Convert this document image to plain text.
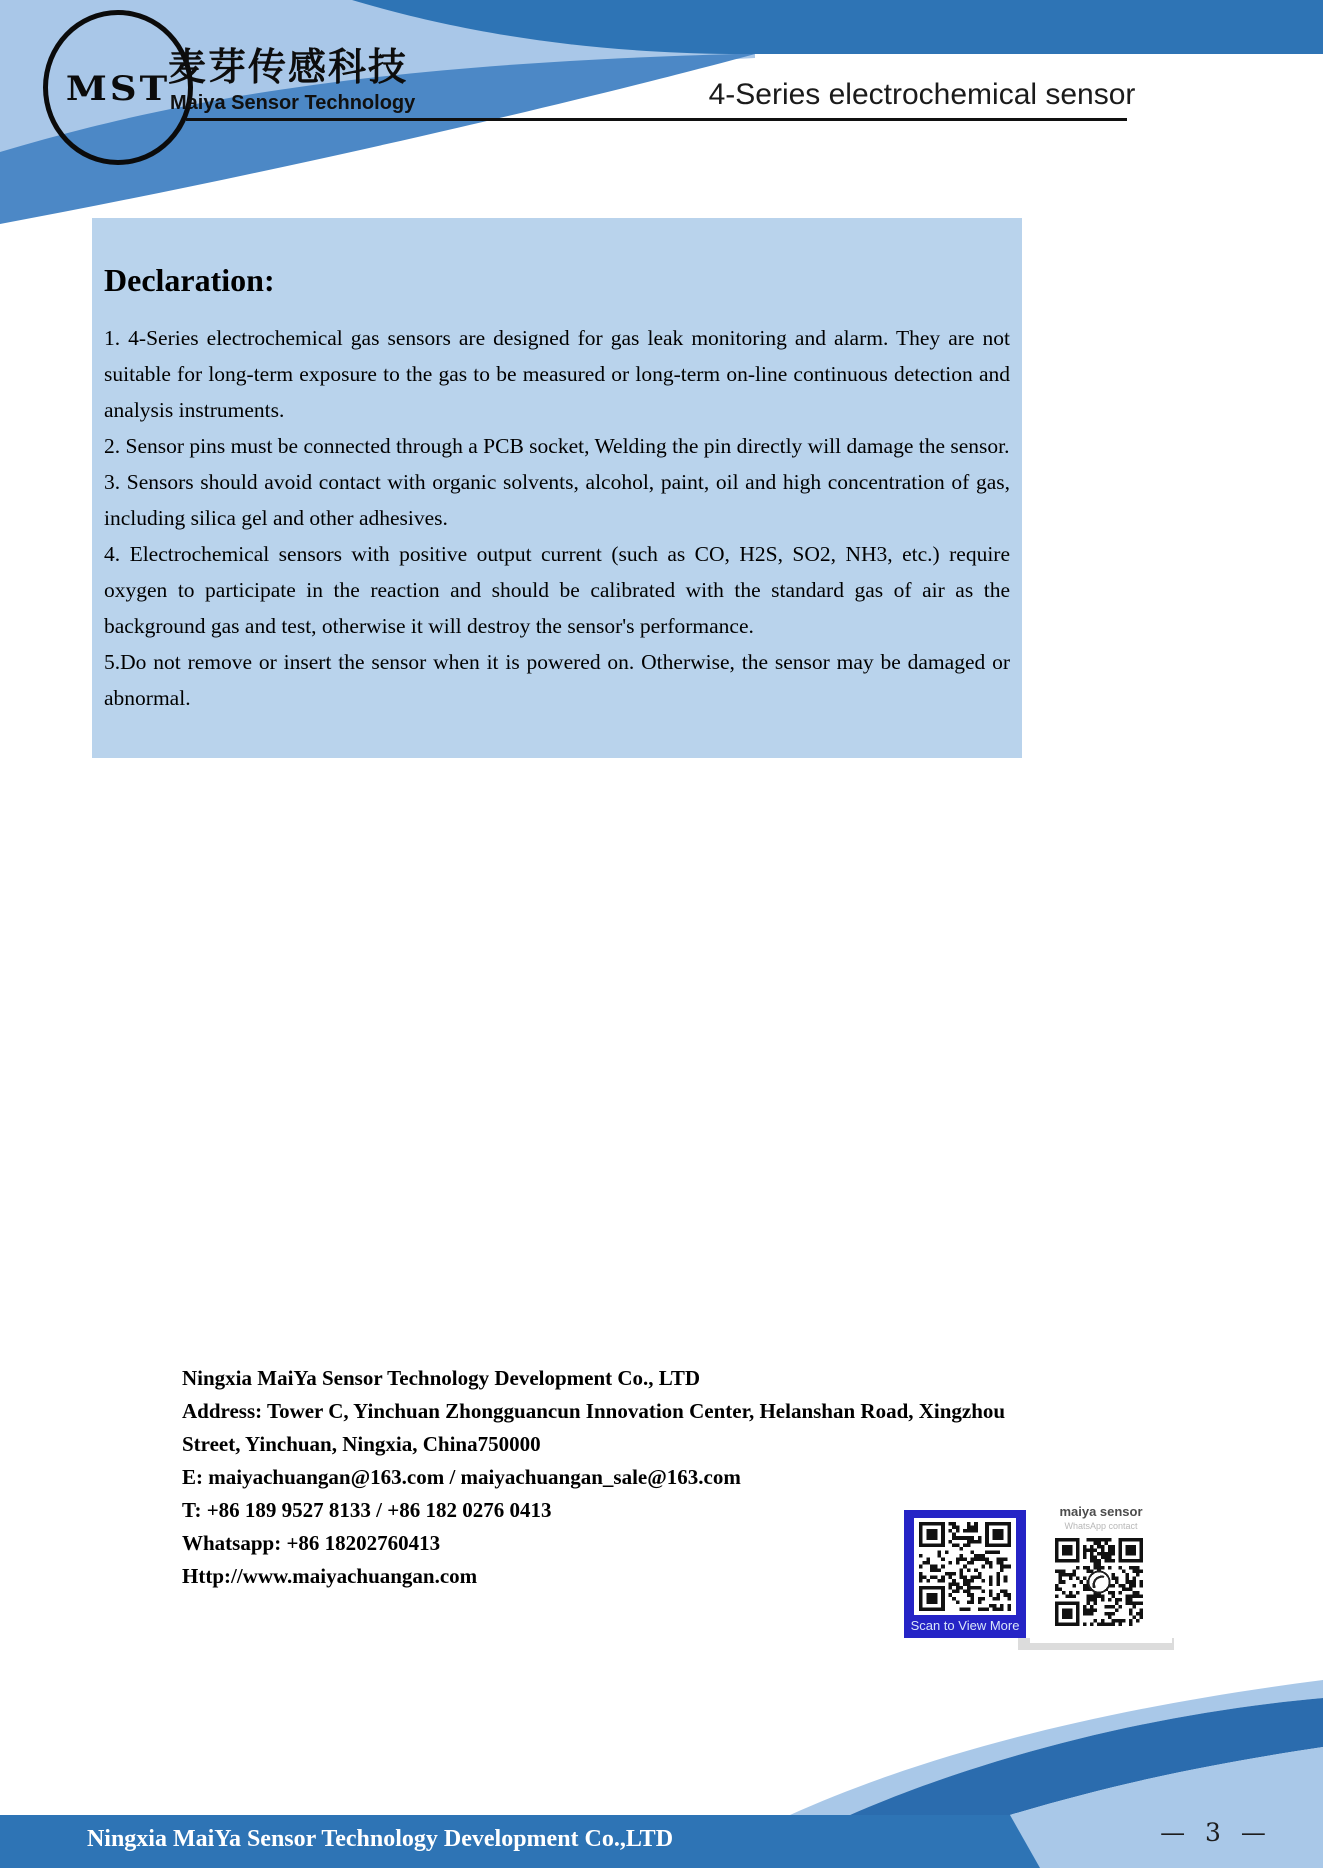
MST
麦芽传感科技
Maiya Sensor Technology	4-Series electrochemical sensor
Declaration:

1. 4-Series electrochemical gas sensors are designed for gas leak monitoring and alarm. They are not suitable for long-term exposure to the gas to be measured or long-term on-line continuous detection and analysis instruments.

2. Sensor pins must be connected through a PCB socket, Welding the pin directly will damage the sensor.

3. Sensors should avoid contact with organic solvents, alcohol, paint, oil and high concentration of gas, including silica gel and other adhesives.

4. Electrochemical sensors with positive output current (such as CO, H2S, SO2, NH3, etc.) require oxygen to participate in the reaction and should be calibrated with the standard gas of air as the background gas and test, otherwise it will destroy the sensor's performance.

5.Do not remove or insert the sensor when it is powered on. Otherwise, the sensor may be damaged or abnormal.

Ningxia MaiYa Sensor Technology Development Co., LTD
Address: Tower C, Yinchuan Zhongguancun Innovation Center, Helanshan Road, Xingzhou
Street, Yinchuan, Ningxia, China750000
E: maiyachuangan@163.com / maiyachuangan_sale@163.com
T: +86 189 9527 8133 / +86 182 0276 0413
Whatsapp: +86 18202760413
Http://www.maiyachuangan.com
Scan to View More
maiya sensor
WhatsApp contact
Ningxia MaiYa Sensor Technology Development Co.,LTD	— 3 —
